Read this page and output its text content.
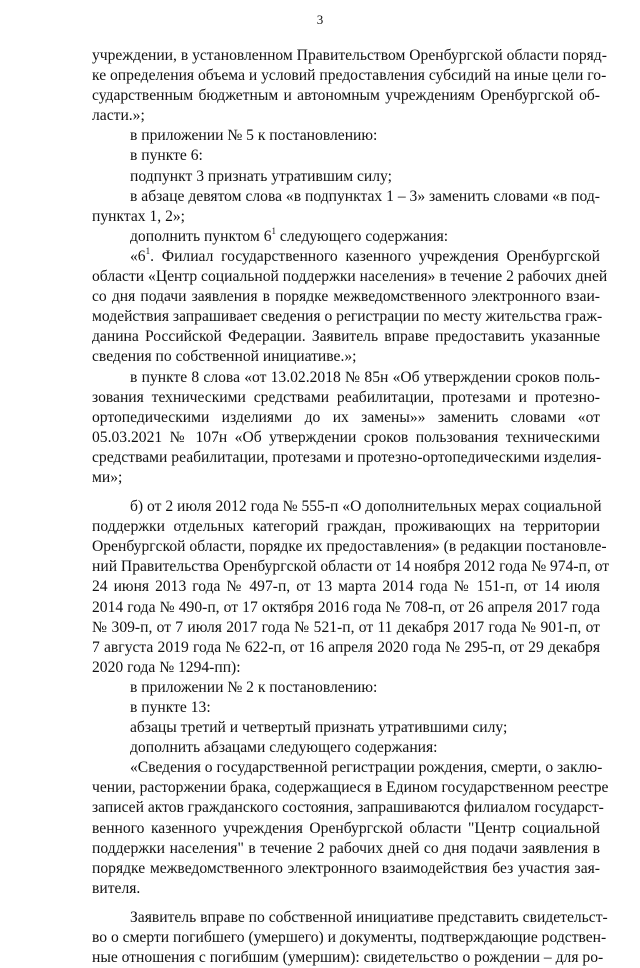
3
учреждении, в установленном Правительством Оренбургской области поряд-
ке определения объема и условий предоставления субсидий на иные цели го-
сударственным бюджетным и автономным учреждениям Оренбургской об-
ласти.»;
в приложении № 5 к постановлению:
в пункте 6:
подпункт 3 признать утратившим силу;
в абзаце девятом слова «в подпунктах 1 – 3» заменить словами «в под-
пунктах 1, 2»;
дополнить пунктом $6^1$ следующего содержания:
«$6^1$. Филиал государственного казенного учреждения Оренбургской
области «Центр социальной поддержки населения» в течение 2 рабочих дней
со дня подачи заявления в порядке межведомственного электронного взаи-
модействия запрашивает сведения о регистрации по месту жительства граж-
данина Российской Федерации. Заявитель вправе предоставить указанные
сведения по собственной инициативе.»;
в пункте 8 слова «от 13.02.2018 № 85н «Об утверждении сроков поль-
зования техническими средствами реабилитации, протезами и протезно-
ортопедическими изделиями до их замены»» заменить словами «от
05.03.2021 № 107н «Об утверждении сроков пользования техническими
средствами реабилитации, протезами и протезно-ортопедическими изделия-
ми»;
б) от 2 июля 2012 года № 555-п «О дополнительных мерах социальной
поддержки отдельных категорий граждан, проживающих на территории
Оренбургской области, порядке их предоставления» (в редакции постановле-
ний Правительства Оренбургской области от 14 ноября 2012 года № 974-п, от
24 июня 2013 года № 497-п, от 13 марта 2014 года № 151-п, от 14 июля
2014 года № 490-п, от 17 октября 2016 года № 708-п, от 26 апреля 2017 года
№ 309-п, от 7 июля 2017 года № 521-п, от 11 декабря 2017 года № 901-п, от
7 августа 2019 года № 622-п, от 16 апреля 2020 года № 295-п, от 29 декабря
2020 года № 1294-пп):
в приложении № 2 к постановлению:
в пункте 13:
абзацы третий и четвертый признать утратившими силу;
дополнить абзацами следующего содержания:
«Сведения о государственной регистрации рождения, смерти, о заклю-
чении, расторжении брака, содержащиеся в Едином государственном реестре
записей актов гражданского состояния, запрашиваются филиалом государст-
венного казенного учреждения Оренбургской области "Центр социальной
поддержки населения" в течение 2 рабочих дней со дня подачи заявления в
порядке межведомственного электронного взаимодействия без участия зая-
вителя.
Заявитель вправе по собственной инициативе представить свидетельст-
во о смерти погибшего (умершего) и документы, подтверждающие родствен-
ные отношения с погибшим (умершим): свидетельство о рождении – для ро-
